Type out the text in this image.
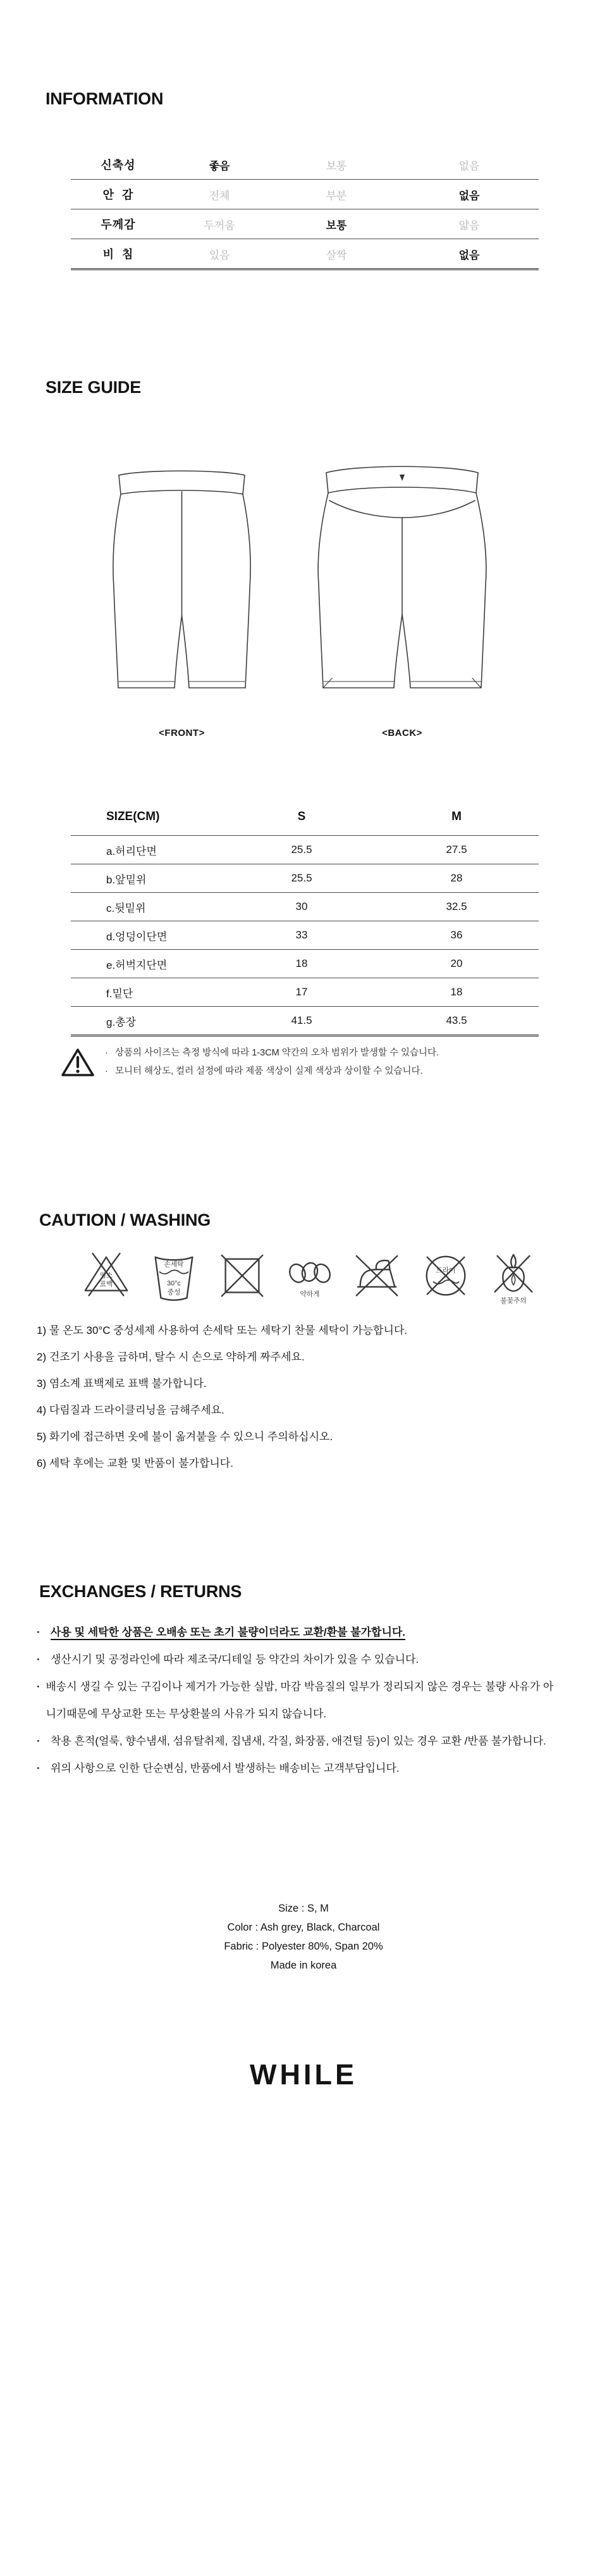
INFORMATION
신축성	좋음	보통	없음
안  감	전체	부분	없음
두께감	두꺼움	보통	얇음
비  침	있음	살짝	없음
SIZE GUIDE
<FRONT>	<BACK>
SIZE(CM)	S	M
a.허리단면	25.5	27.5
b.앞밑위	25.5	28
c.뒷밑위	30	32.5
d.엉덩이단면	33	36
e.허벅지단면	18	20
f.밑단	17	18
g.총장	41.5	43.5
· 상품의 사이즈는 측정 방식에 따라 1-3CM 약간의 오차 범위가 발생할 수 있습니다.
· 모니터 해상도, 컬러 설정에 따라 제품 색상이 실제 색상과 상이할 수 있습니다.
CAUTION / WASHING
염소
표백
손세탁
30°c
중성	약하게
드라이
불꽃주의
1) 물 온도 30°C 중성세제 사용하여 손세탁 또는 세탁기 찬물 세탁이 가능합니다.
2) 건조기 사용을 금하며, 탈수 시 손으로 약하게 짜주세요.
3) 염소계 표백제로 표백 불가합니다.
4) 다림질과 드라이클리닝을 금해주세요.
5) 화기에 접근하면 옷에 불이 옮겨붙을 수 있으니 주의하십시오.
6) 세탁 후에는 교환 및 반품이 불가합니다.
EXCHANGES / RETURNS
· 사용 및 세탁한 상품은 오배송 또는 초기 불량이더라도 교환/환불 불가합니다.
· 생산시기 및 공정라인에 따라 제조국/디테일 등 약간의 차이가 있을 수 있습니다.
· 배송시 생길 수 있는 구김이나 제거가 가능한 실밥, 마감 박음질의 일부가 정리되지 않은 경우는 불량 사유가 아니기때문에 무상교환 또는 무상환불의 사유가 되지 않습니다.
· 착용 흔적(얼룩, 향수냄새, 섬유탈취제, 집냄새, 각질, 화장품, 애견털 등)이 있는 경우 교환 /반품 불가합니다.
· 위의 사항으로 인한 단순변심, 반품에서 발생하는 배송비는 고객부담입니다.
Size : S, M
Color : Ash grey, Black, Charcoal
Fabric : Polyester 80%, Span 20%
Made in korea
WHILE
